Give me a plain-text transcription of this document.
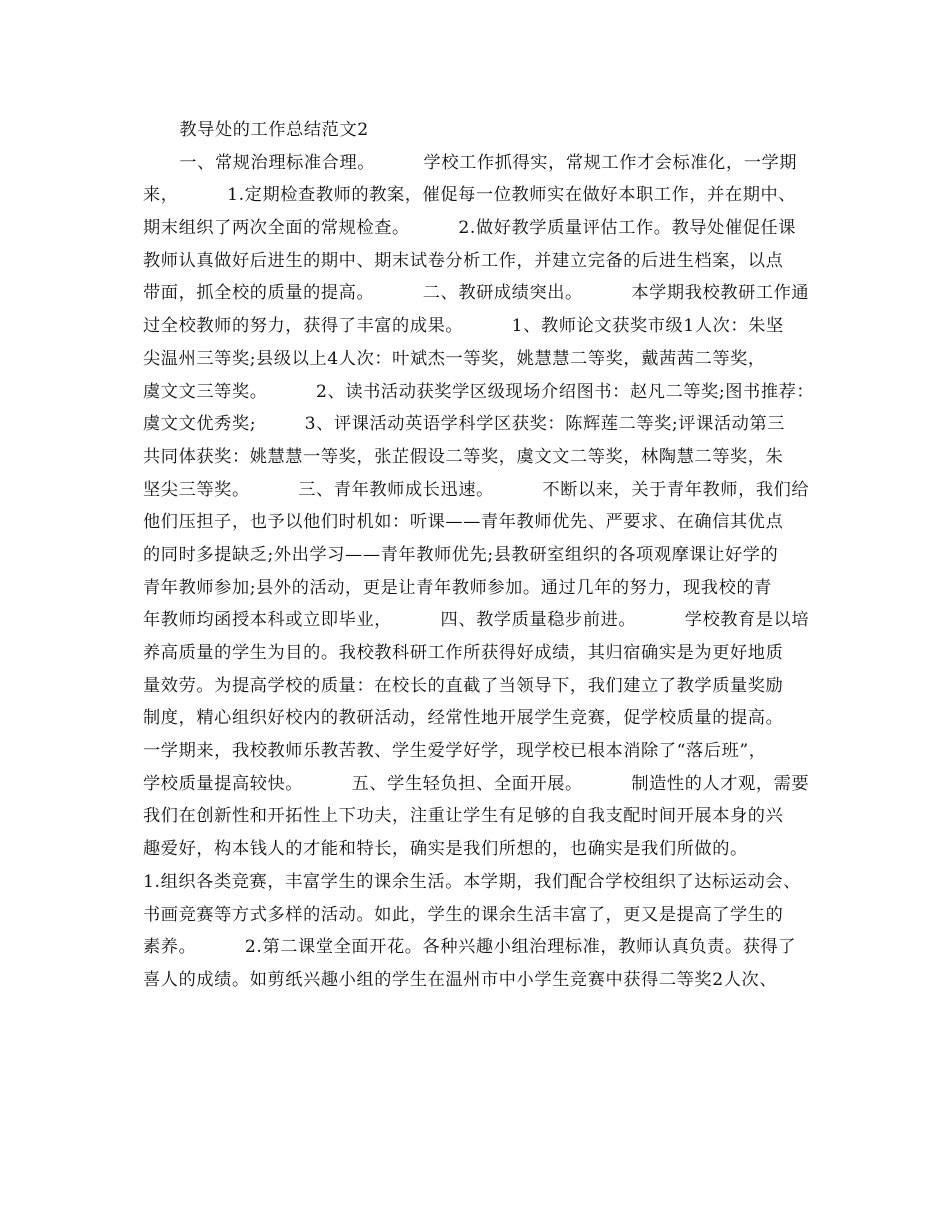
教导处的工作总结范文2
一、常规治理标准合理。        学校工作抓得实，常规工作才会标准化，一学期
来，        1.定期检查教师的教案，催促每一位教师实在做好本职工作，并在期中、
期末组织了两次全面的常规检查。        2.做好教学质量评估工作。教导处催促任课
教师认真做好后进生的期中、期末试卷分析工作，并建立完备的后进生档案，以点
带面，抓全校的质量的提高。        二、教研成绩突出。        本学期我校教研工作通
过全校教师的努力，获得了丰富的成果。        1、教师论文获奖市级1人次：朱坚
尖温州三等奖;县级以上4人次：叶斌杰一等奖，姚慧慧二等奖，戴茜茜二等奖，
虞文文三等奖。        2、读书活动获奖学区级现场介绍图书：赵凡二等奖;图书推荐：
虞文文优秀奖;        3、评课活动英语学科学区获奖：陈辉莲二等奖;评课活动第三
共同体获奖：姚慧慧一等奖，张芷假设二等奖，虞文文二等奖，林陶慧二等奖，朱
坚尖三等奖。        三、青年教师成长迅速。        不断以来，关于青年教师，我们给
他们压担子，也予以他们时机如：听课——青年教师优先、严要求、在确信其优点
的同时多提缺乏;外出学习——青年教师优先;县教研室组织的各项观摩课让好学的
青年教师参加;县外的活动，更是让青年教师参加。通过几年的努力，现我校的青
年教师均函授本科或立即毕业，        四、教学质量稳步前进。        学校教育是以培
养高质量的学生为目的。我校教科研工作所获得好成绩，其归宿确实是为更好地质
量效劳。为提高学校的质量：在校长的直截了当领导下，我们建立了教学质量奖励
制度，精心组织好校内的教研活动，经常性地开展学生竞赛，促学校质量的提高。
一学期来，我校教师乐教苦教、学生爱学好学，现学校已根本消除了“落后班”，
学校质量提高较快。        五、学生轻负担、全面开展。        制造性的人才观，需要
我们在创新性和开拓性上下功夫，注重让学生有足够的自我支配时间开展本身的兴
趣爱好，构本钱人的才能和特长，确实是我们所想的，也确实是我们所做的。
1.组织各类竞赛，丰富学生的课余生活。本学期，我们配合学校组织了达标运动会、
书画竞赛等方式多样的活动。如此，学生的课余生活丰富了，更又是提高了学生的
素养。        2.第二课堂全面开花。各种兴趣小组治理标准，教师认真负责。获得了
喜人的成绩。如剪纸兴趣小组的学生在温州市中小学生竞赛中获得二等奖2人次、
